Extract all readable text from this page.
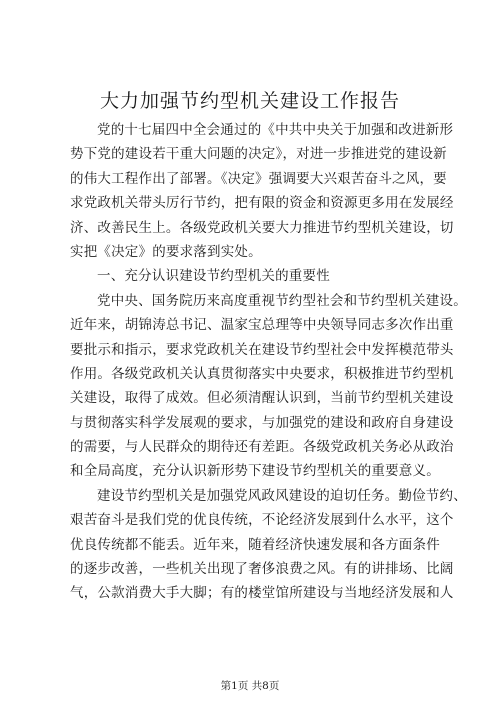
大力加强节约型机关建设工作报告
党的十七届四中全会通过的《中共中央关于加强和改进新形
势下党的建设若干重大问题的决定》，对进一步推进党的建设新
的伟大工程作出了部署。《决定》强调要大兴艰苦奋斗之风，要
求党政机关带头厉行节约，把有限的资金和资源更多用在发展经
济、改善民生上。各级党政机关要大力推进节约型机关建设，切
实把《决定》的要求落到实处。
一、充分认识建设节约型机关的重要性
党中央、国务院历来高度重视节约型社会和节约型机关建设。
近年来，胡锦涛总书记、温家宝总理等中央领导同志多次作出重
要批示和指示，要求党政机关在建设节约型社会中发挥模范带头
作用。各级党政机关认真贯彻落实中央要求，积极推进节约型机
关建设，取得了成效。但必须清醒认识到，当前节约型机关建设
与贯彻落实科学发展观的要求，与加强党的建设和政府自身建设
的需要，与人民群众的期待还有差距。各级党政机关务必从政治
和全局高度，充分认识新形势下建设节约型机关的重要意义。
建设节约型机关是加强党风政风建设的迫切任务。勤俭节约、
艰苦奋斗是我们党的优良传统，不论经济发展到什么水平，这个
优良传统都不能丢。近年来，随着经济快速发展和各方面条件
的逐步改善，一些机关出现了奢侈浪费之风。有的讲排场、比阔
气，公款消费大手大脚；有的楼堂馆所建设与当地经济发展和人
第1页 共8页
